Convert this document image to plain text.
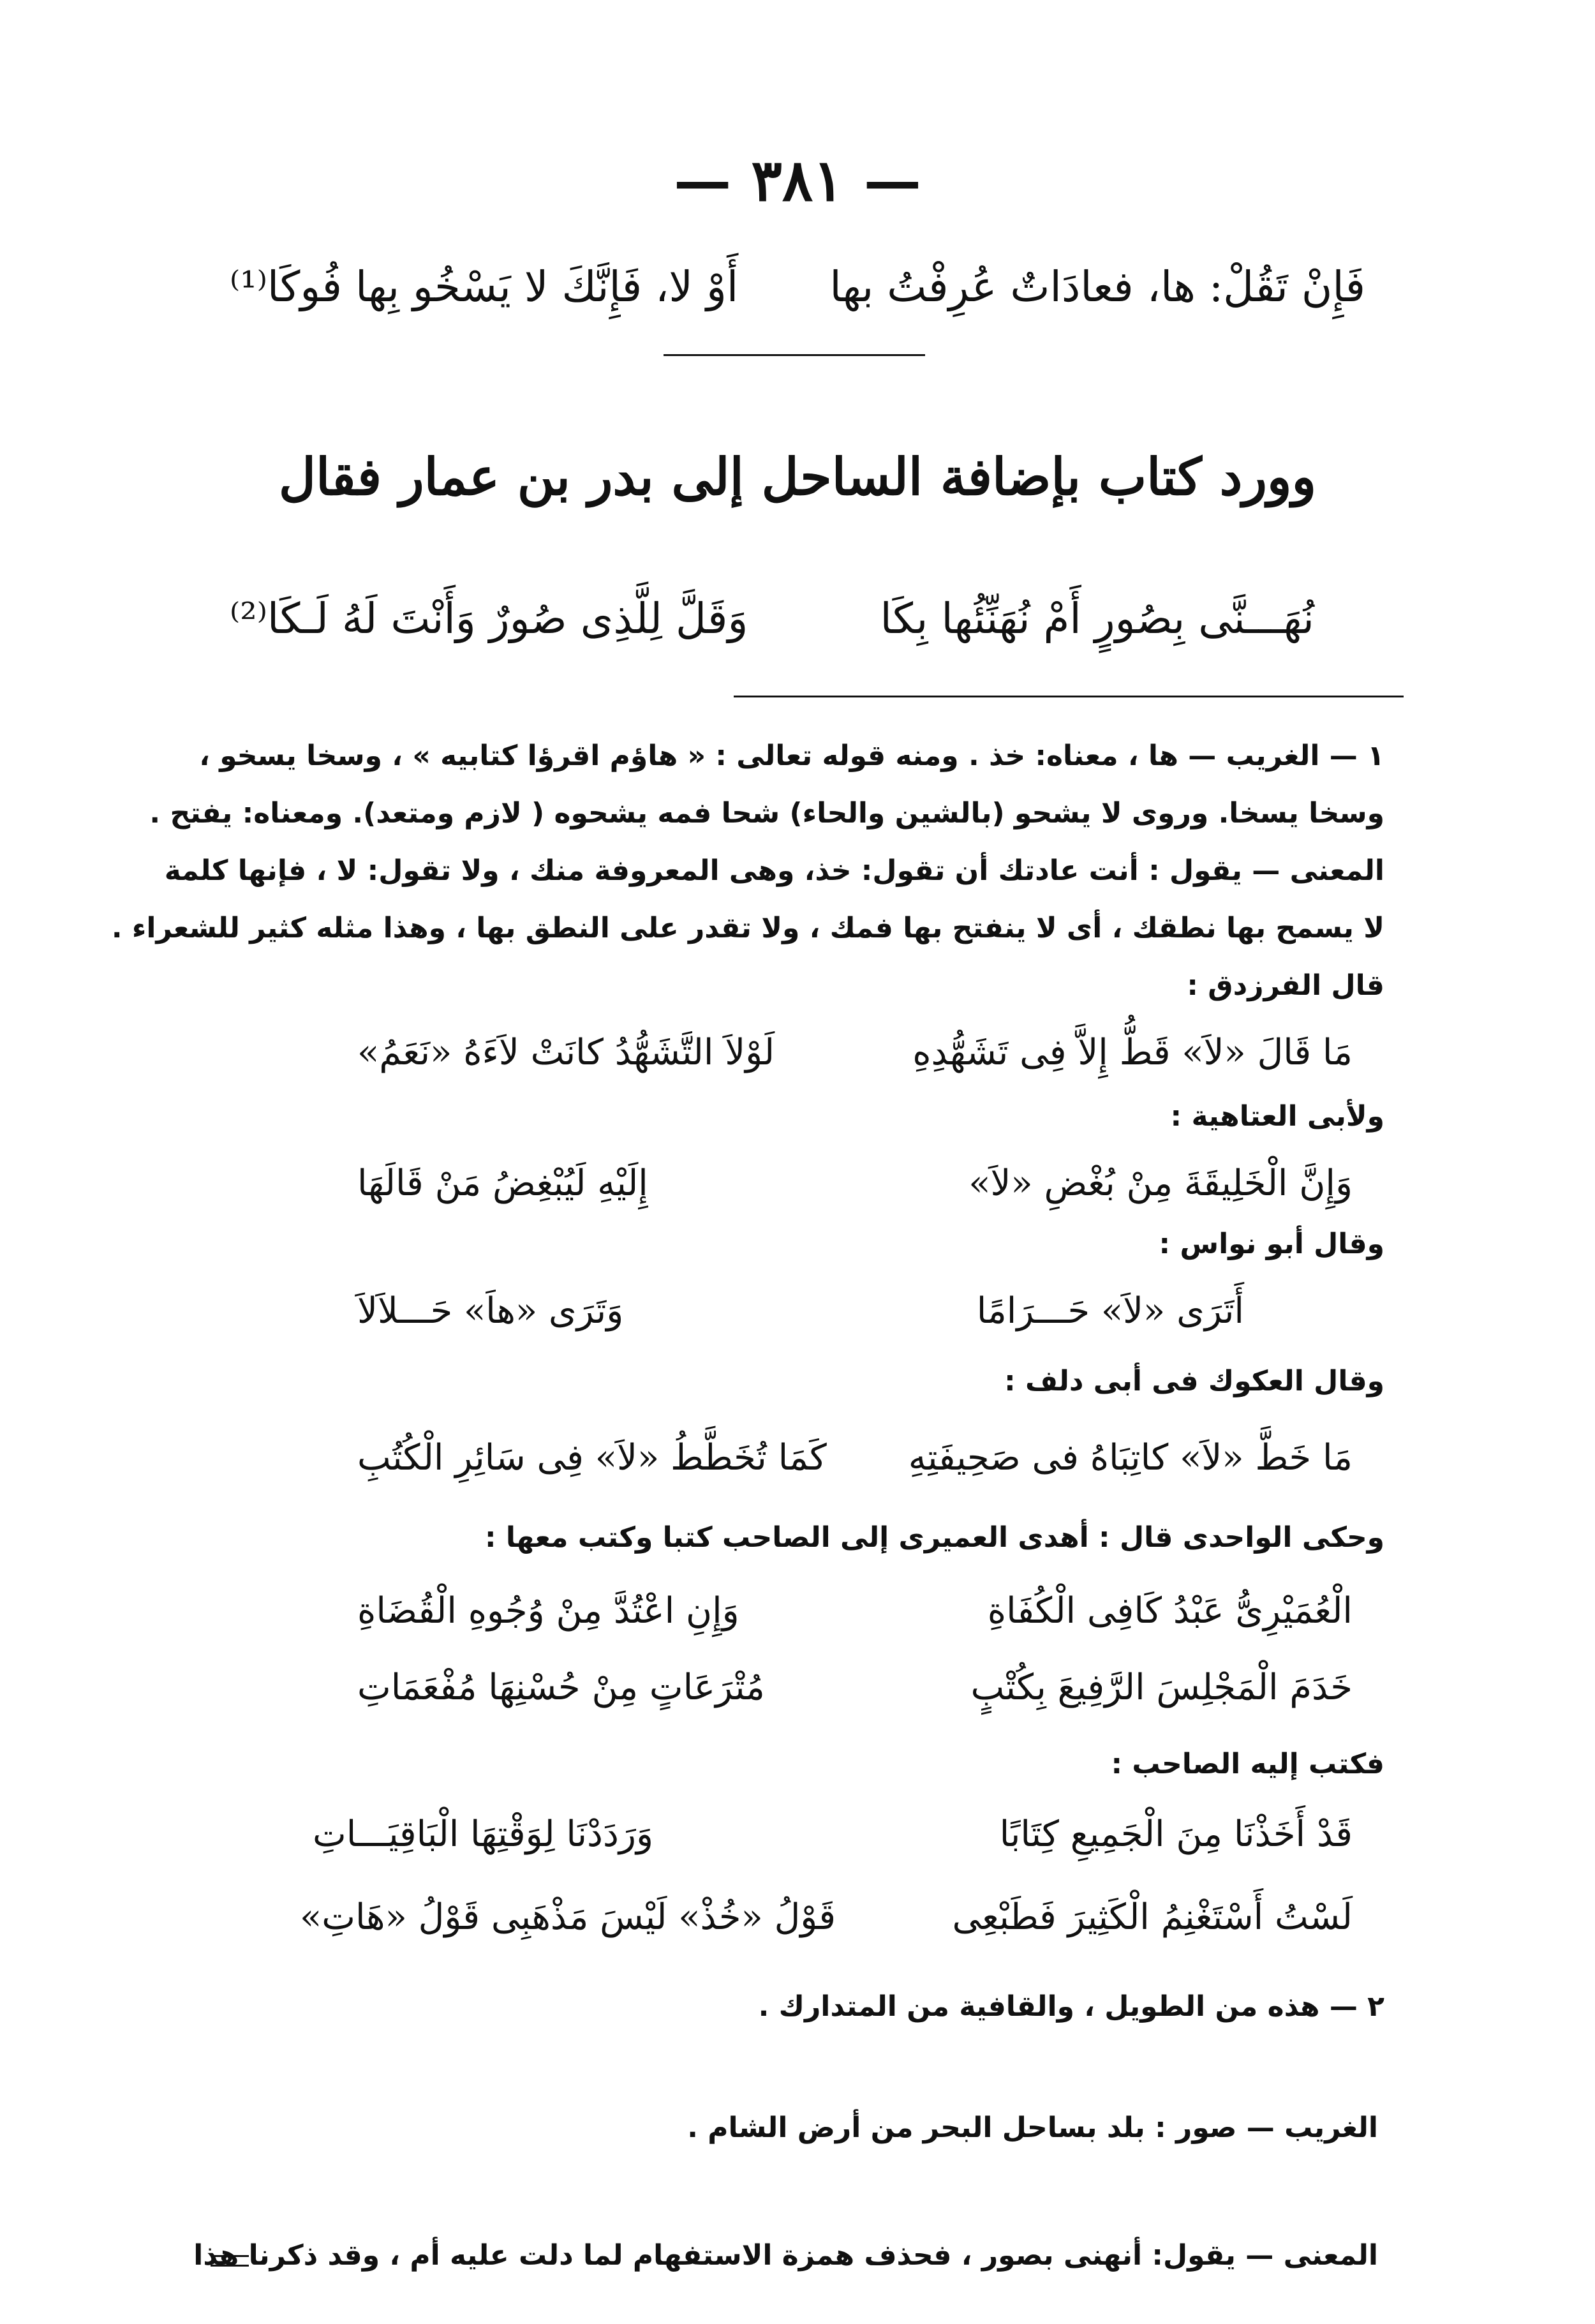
— ٣٨١ —
فَإِنْ تَقُلْ: ها، فعادَاتٌ عُرِفْتُ بها
أَوْ لا، فَإِنَّكَ لا يَسْخُو بِها فُوكَا⁽¹⁾
وورد كتاب بإضافة الساحل إلى بدر بن عمار فقال
نُهَـــنَّى بِصُورٍ أَمْ نُهَنِّئُها بِكَا
وَقَلَّ لِلَّذِى صُورٌ وَأَنْتَ لَهُ لَـكَا⁽²⁾
١ — الغريب — ها ، معناه: خذ . ومنه قوله تعالى : « هاؤم اقرؤا كتابيه » ، وسخا يسخو ،
وسخا يسخا. وروى لا يشحو (بالشين والحاء) شحا فمه يشحوه ( لازم ومتعد). ومعناه: يفتح .
المعنى — يقول : أنت عادتك أن تقول: خذ، وهى المعروفة منك ، ولا تقول: لا ، فإنها كلمة
لا يسمح بها نطقك ، أى لا ينفتح بها فمك ، ولا تقدر على النطق بها ، وهذا مثله كثير للشعراء .
قال الفرزدق :
مَا قَالَ «لاَ» قَطُّ إِلاَّ فِى تَشَهُّدِهِ
لَوْلاَ التَّشَهُّدُ كانَتْ لاَءَهُ «نَعَمُ»
ولأبى العتاهية :
وَإِنَّ الْخَلِيقَةَ مِنْ بُغْضِ «لاَ»
إِلَيْهِ لَيُبْغِضُ مَنْ قَالَهَا
وقال أبو نواس :
أَتَرَى «لاَ» حَـــرَامًا
وَتَرَى «هاَ» حَـــلاَلاَ
وقال العكوك فى أبى دلف :
مَا خَطَّ «لاَ» كاتِبَاهُ فى صَحِيفَتِهِ
كَمَا تُخَطَّطُ «لاَ» فِى سَائِرِ الْكُتُبِ
وحكى الواحدى قال : أهدى العميرى إلى الصاحب كتبا وكتب معها :
الْعُمَيْرِىُّ عَبْدُ كَافِى الْكُفَاةِ
وَإِنِ اعْتُدَّ مِنْ وُجُوهِ الْقُضَاةِ
خَدَمَ الْمَجْلِسَ الرَّفِيعَ بِكُتْبٍ
مُتْرَعَاتٍ مِنْ حُسْنِهَا مُفْعَمَاتِ
فكتب إليه الصاحب :
قَدْ أَخَذْنَا مِنَ الْجَمِيعِ كِتَابًا
وَرَدَدْنَا لِوَقْتِهَا الْبَاقِيَـــاتِ
لَسْتُ أَسْتَغْنِمُ الْكَثِيرَ فَطَبْعِى
قَوْلُ «خُذْ» لَيْسَ مَذْهَبِى قَوْلُ «هَاتِ»
٢ — هذه من الطويل ، والقافية من المتدارك .
الغريب — صور : بلد بساحل البحر من أرض الشام .
المعنى — يقول: أنهنى بصور ، فحذف همزة الاستفهام لما دلت عليه أم ، وقد ذكرنا هذا
